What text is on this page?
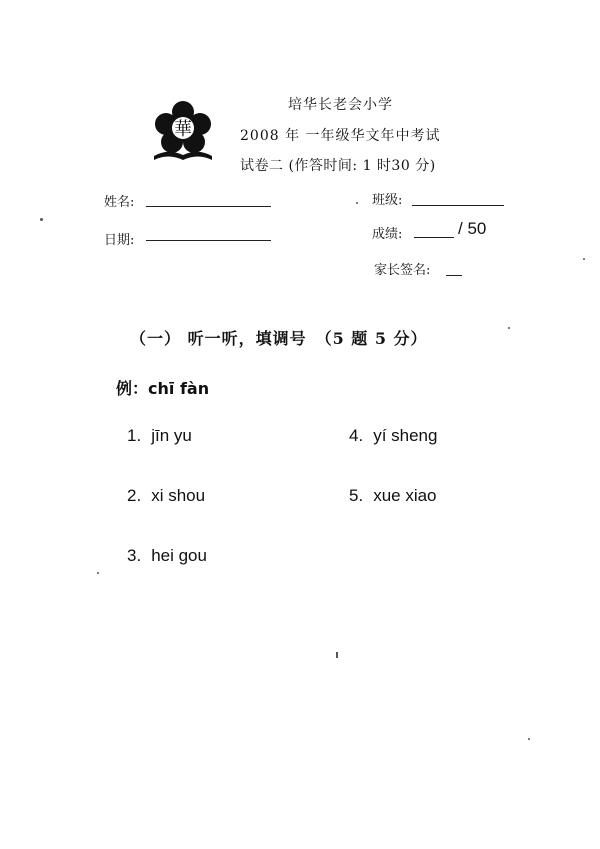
華
培华长老会小学
2008 年 一年级华文年中考试
试卷二 (作答时间: 1 时30 分)
姓名:	班级:
日期:	成绩:	/ 50
家长签名:
（一） 听一听，填调号　（5 题 5 分）
例：chī fàn
1. jīn yu
2. xi shou
3. hei gou
4. yí sheng
5. xue xiao
